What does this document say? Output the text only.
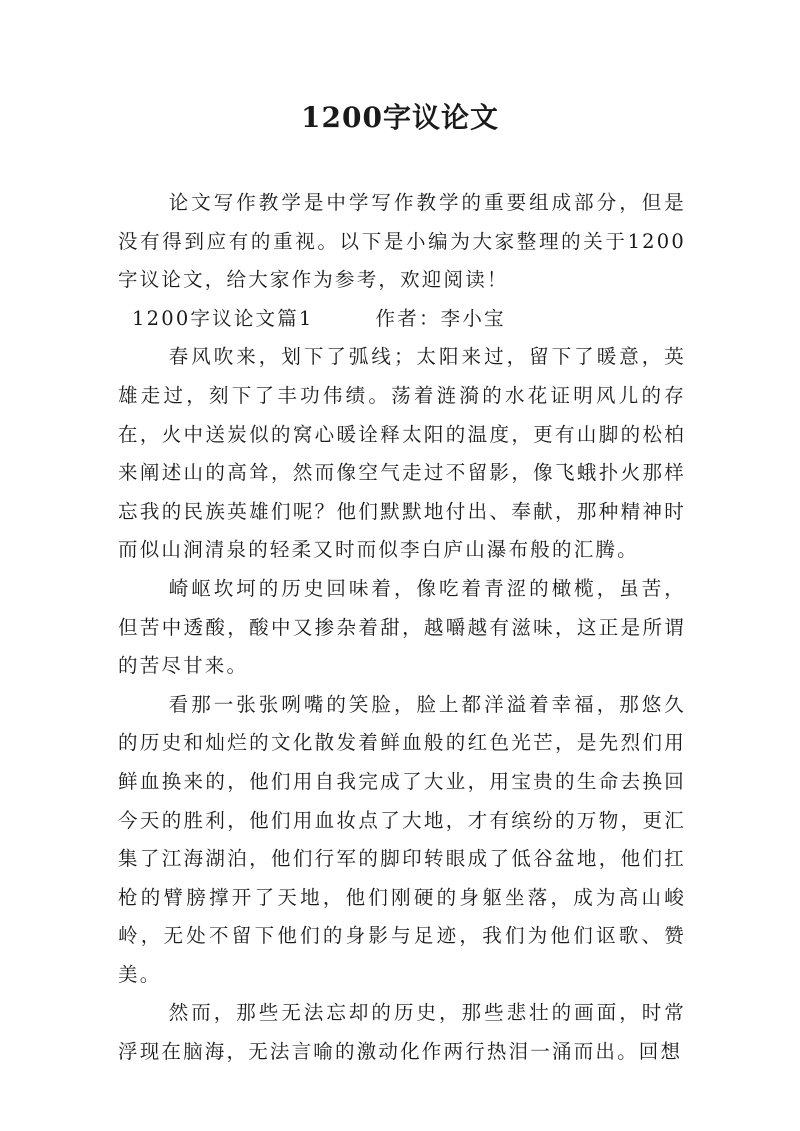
1200字议论文

论文写作教学是中学写作教学的重要组成部分，但是没有得到应有的重视。以下是小编为大家整理的关于1200字议论文，给大家作为参考，欢迎阅读！

1200字议论文篇1	作者：李小宝

春风吹来，划下了弧线；太阳来过，留下了暖意，英雄走过，刻下了丰功伟绩。荡着涟漪的水花证明风儿的存在，火中送炭似的窝心暖诠释太阳的温度，更有山脚的松柏来阐述山的高耸，然而像空气走过不留影，像飞蛾扑火那样忘我的民族英雄们呢？他们默默地付出、奉献，那种精神时而似山涧清泉的轻柔又时而似李白庐山瀑布般的汇腾。

崎岖坎坷的历史回味着，像吃着青涩的橄榄，虽苦，但苦中透酸，酸中又掺杂着甜，越嚼越有滋味，这正是所谓的苦尽甘来。

看那一张张咧嘴的笑脸，脸上都洋溢着幸福，那悠久的历史和灿烂的文化散发着鲜血般的红色光芒，是先烈们用鲜血换来的，他们用自我完成了大业，用宝贵的生命去换回今天的胜利，他们用血妆点了大地，才有缤纷的万物，更汇集了江海湖泊，他们行军的脚印转眼成了低谷盆地，他们扛枪的臂膀撑开了天地，他们刚硬的身躯坐落，成为高山峻岭，无处不留下他们的身影与足迹，我们为他们讴歌、赞美。

然而，那些无法忘却的历史，那些悲壮的画面，时常浮现在脑海，无法言喻的激动化作两行热泪一涌而出。回想
